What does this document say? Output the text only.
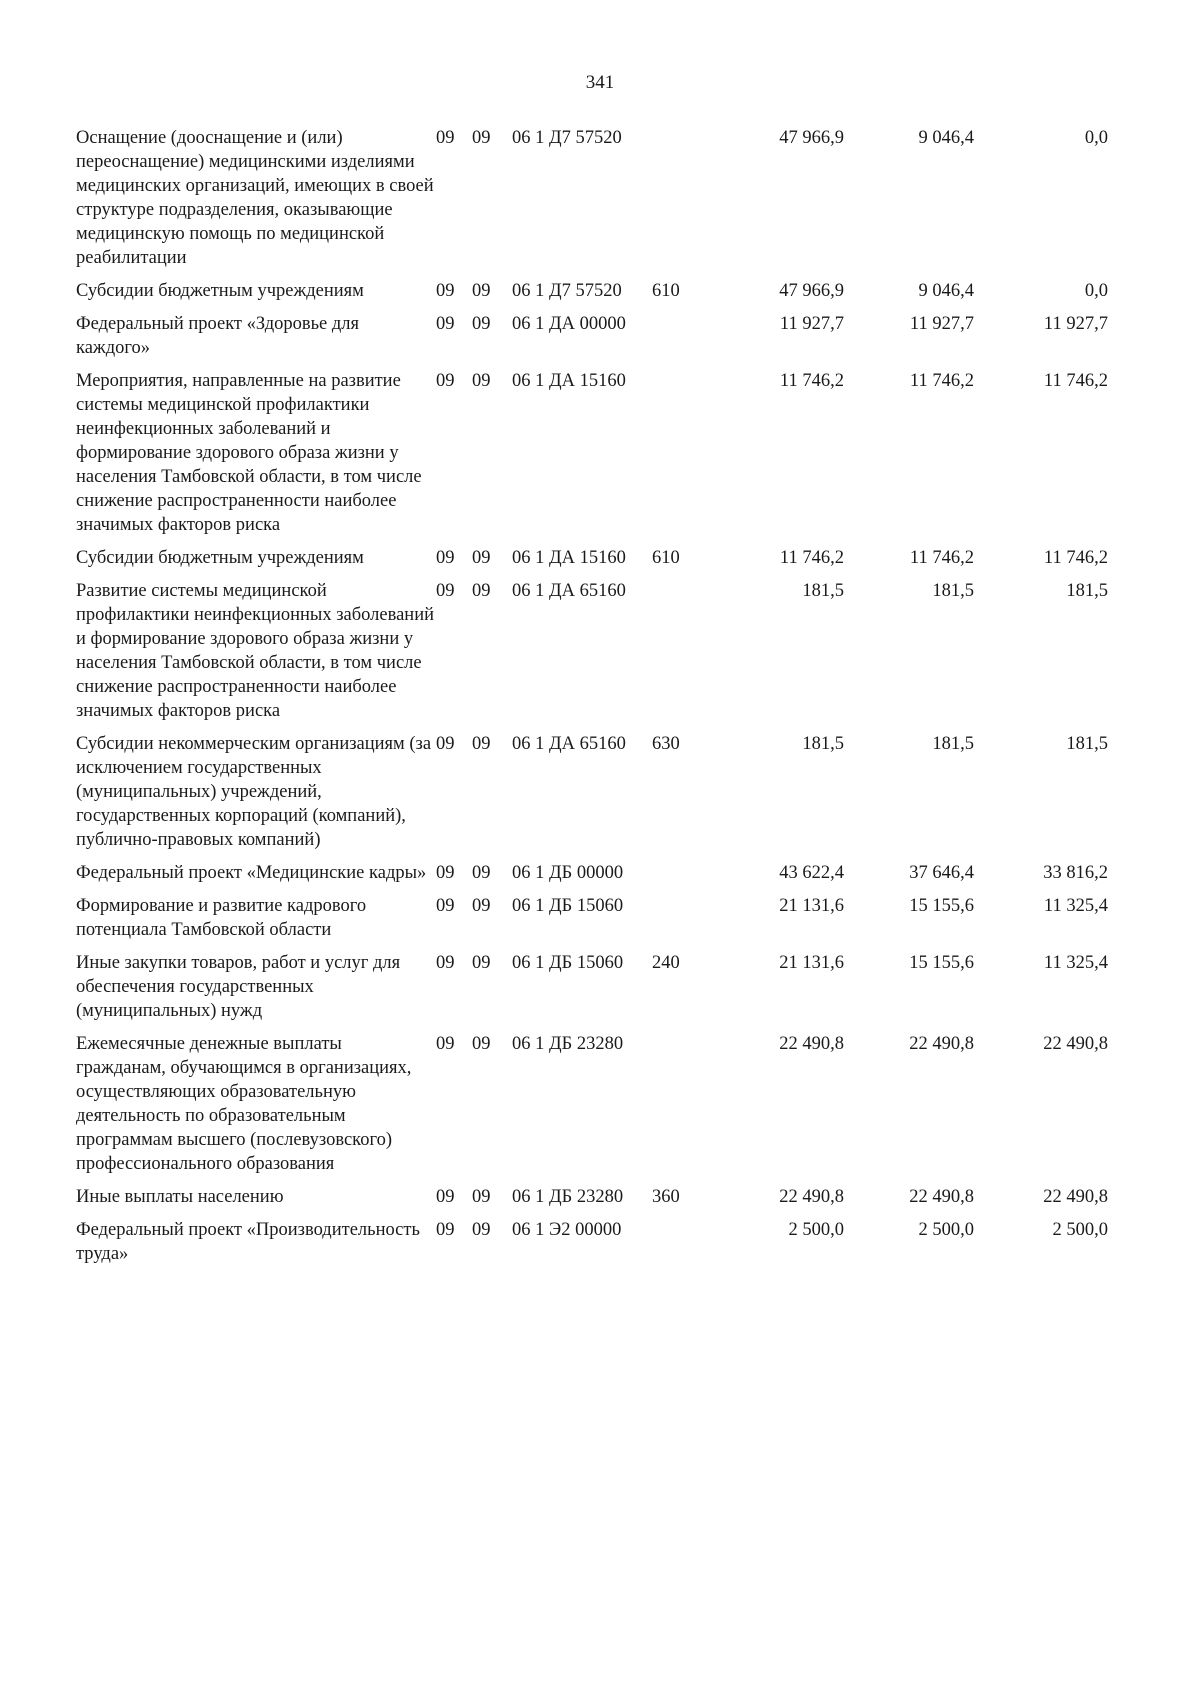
341
Оснащение (дооснащение и (или) переоснащение) медицинскими изделиями медицинских организаций, имеющих в своей структуре подразделения, оказывающие медицинскую помощь по медицинской реабилитации	09	09	06 1 Д7 57520		47 966,9	9 046,4	0,0
Субсидии бюджетным учреждениям	09	09	06 1 Д7 57520	610	47 966,9	9 046,4	0,0
Федеральный проект «Здоровье для каждого»	09	09	06 1 ДА 00000		11 927,7	11 927,7	11 927,7
Мероприятия, направленные на развитие системы медицинской профилактики неинфекционных заболеваний и формирование здорового образа жизни у населения Тамбовской области, в том числе снижение распространенности наиболее значимых факторов риска	09	09	06 1 ДА 15160		11 746,2	11 746,2	11 746,2
Субсидии бюджетным учреждениям	09	09	06 1 ДА 15160	610	11 746,2	11 746,2	11 746,2
Развитие системы медицинской профилактики неинфекционных заболеваний и формирование здорового образа жизни у населения Тамбовской области, в том числе снижение распространенности наиболее значимых факторов риска	09	09	06 1 ДА 65160		181,5	181,5	181,5
Субсидии некоммерческим организациям (за исключением государственных (муниципальных) учреждений, государственных корпораций (компаний), публично-правовых компаний)	09	09	06 1 ДА 65160	630	181,5	181,5	181,5
Федеральный проект «Медицинские кадры»	09	09	06 1 ДБ 00000		43 622,4	37 646,4	33 816,2
Формирование и развитие кадрового потенциала Тамбовской области	09	09	06 1 ДБ 15060		21 131,6	15 155,6	11 325,4
Иные закупки товаров, работ и услуг для обеспечения государственных (муниципальных) нужд	09	09	06 1 ДБ 15060	240	21 131,6	15 155,6	11 325,4
Ежемесячные денежные выплаты гражданам, обучающимся в организациях, осуществляющих образовательную деятельность по образовательным программам высшего (послевузовского) профессионального образования	09	09	06 1 ДБ 23280		22 490,8	22 490,8	22 490,8
Иные выплаты населению	09	09	06 1 ДБ 23280	360	22 490,8	22 490,8	22 490,8
Федеральный проект «Производительность труда»	09	09	06 1 Э2 00000		2 500,0	2 500,0	2 500,0
